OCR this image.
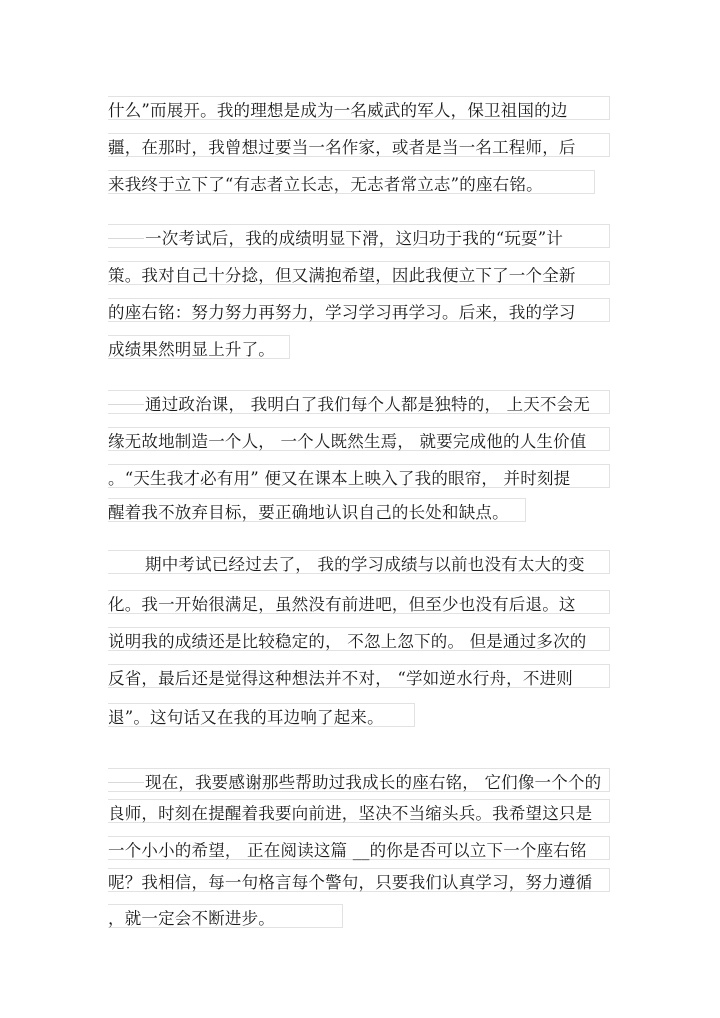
什么”而展开。我的理想是成为一名威武的军人，保卫祖国的边
疆，在那时，我曾想过要当一名作家，或者是当一名工程师，后
来我终于立下了“有志者立长志，无志者常立志”的座右铭。
一次考试后，我的成绩明显下滑，这归功于我的“玩耍”计
策。我对自己十分捻，但又满抱希望，因此我便立下了一个全新
的座右铭：努力努力再努力，学习学习再学习。后来，我的学习
成绩果然明显上升了。
通过政治课， 我明白了我们每个人都是独特的， 上天不会无
缘无故地制造一个人， 一个人既然生焉， 就要完成他的人生价值
。“天生我才必有用” 便又在课本上映入了我的眼帘， 并时刻提
醒着我不放弃目标，要正确地认识自己的长处和缺点。
期中考试已经过去了， 我的学习成绩与以前也没有太大的变
化。我一开始很满足，虽然没有前进吧，但至少也没有后退。这
说明我的成绩还是比较稳定的， 不忽上忽下的。 但是通过多次的
反省，最后还是觉得这种想法并不对， “学如逆水行舟，不进则
退”。这句话又在我的耳边响了起来。
现在，我要感谢那些帮助过我成长的座右铭， 它们像一个个的
良师，时刻在提醒着我要向前进，坚决不当缩头兵。我希望这只是
一个小小的希望， 正在阅读这篇 __的你是否可以立下一个座右铭
呢？我相信，每一句格言每个警句，只要我们认真学习，努力遵循
，就一定会不断进步。
